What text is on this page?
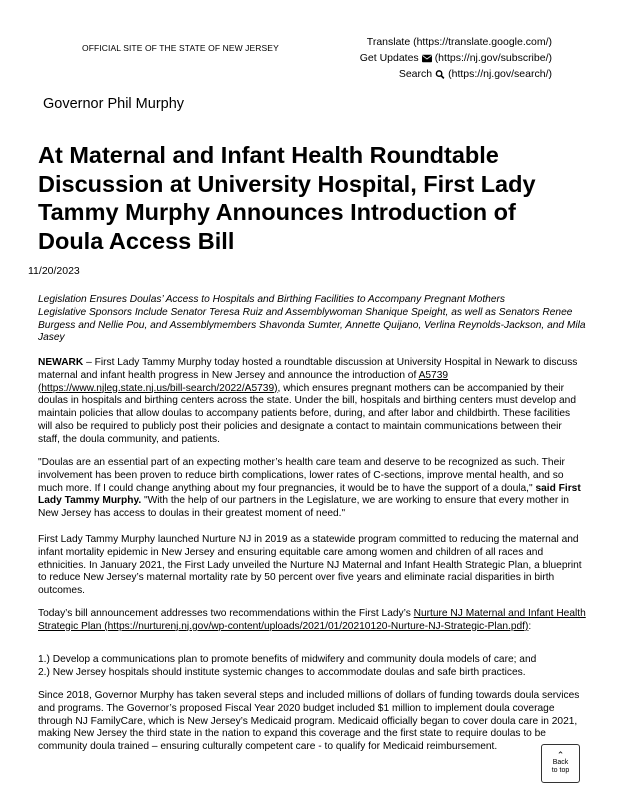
OFFICIAL SITE OF THE STATE OF NEW JERSEY	Translate (https://translate.google.com/)
Get Updates (https://nj.gov/subscribe/)
Search (https://nj.gov/search/)
Governor Phil Murphy
At Maternal and Infant Health Roundtable Discussion at University Hospital, First Lady Tammy Murphy Announces Introduction of Doula Access Bill
11/20/2023

Legislation Ensures Doulas’ Access to Hospitals and Birthing Facilities to Accompany Pregnant Mothers

Legislative Sponsors Include Senator Teresa Ruiz and Assemblywoman Shanique Speight, as well as Senators Renee Burgess and Nellie Pou, and Assemblymembers Shavonda Sumter, Annette Quijano, Verlina Reynolds-Jackson, and Mila Jasey

NEWARK – First Lady Tammy Murphy today hosted a roundtable discussion at University Hospital in Newark to discuss maternal and infant health progress in New Jersey and announce the introduction of A5739 (https://www.njleg.state.nj.us/bill-search/2022/A5739), which ensures pregnant mothers can be accompanied by their doulas in hospitals and birthing centers across the state. Under the bill, hospitals and birthing centers must develop and maintain policies that allow doulas to accompany patients before, during, and after labor and childbirth. These facilities will also be required to publicly post their policies and designate a contact to maintain communications between their staff, the doula community, and patients.

"Doulas are an essential part of an expecting mother’s health care team and deserve to be recognized as such. Their involvement has been proven to reduce birth complications, lower rates of C-sections, improve mental health, and so much more. If I could change anything about my four pregnancies, it would be to have the support of a doula," said First Lady Tammy Murphy. "With the help of our partners in the Legislature, we are working to ensure that every mother in New Jersey has access to doulas in their greatest moment of need."

First Lady Tammy Murphy launched Nurture NJ in 2019 as a statewide program committed to reducing the maternal and infant mortality epidemic in New Jersey and ensuring equitable care among women and children of all races and ethnicities. In January 2021, the First Lady unveiled the Nurture NJ Maternal and Infant Health Strategic Plan, a blueprint to reduce New Jersey’s maternal mortality rate by 50 percent over five years and eliminate racial disparities in birth outcomes.

Today’s bill announcement addresses two recommendations within the First Lady’s Nurture NJ Maternal and Infant Health Strategic Plan (https://nurturenj.nj.gov/wp-content/uploads/2021/01/20210120-Nurture-NJ-Strategic-Plan.pdf):

1.) Develop a communications plan to promote benefits of midwifery and community doula models of care; and

2.) New Jersey hospitals should institute systemic changes to accommodate doulas and safe birth practices.

Since 2018, Governor Murphy has taken several steps and included millions of dollars of funding towards doula services and programs. The Governor’s proposed Fiscal Year 2020 budget included $1 million to implement doula coverage through NJ FamilyCare, which is New Jersey’s Medicaid program. Medicaid officially began to cover doula care in 2021, making New Jersey the third state in the nation to expand this coverage and the first state to require doulas to be community doula trained – ensuring culturally competent care - to qualify for Medicaid reimbursement.

⌃
Back
to top
